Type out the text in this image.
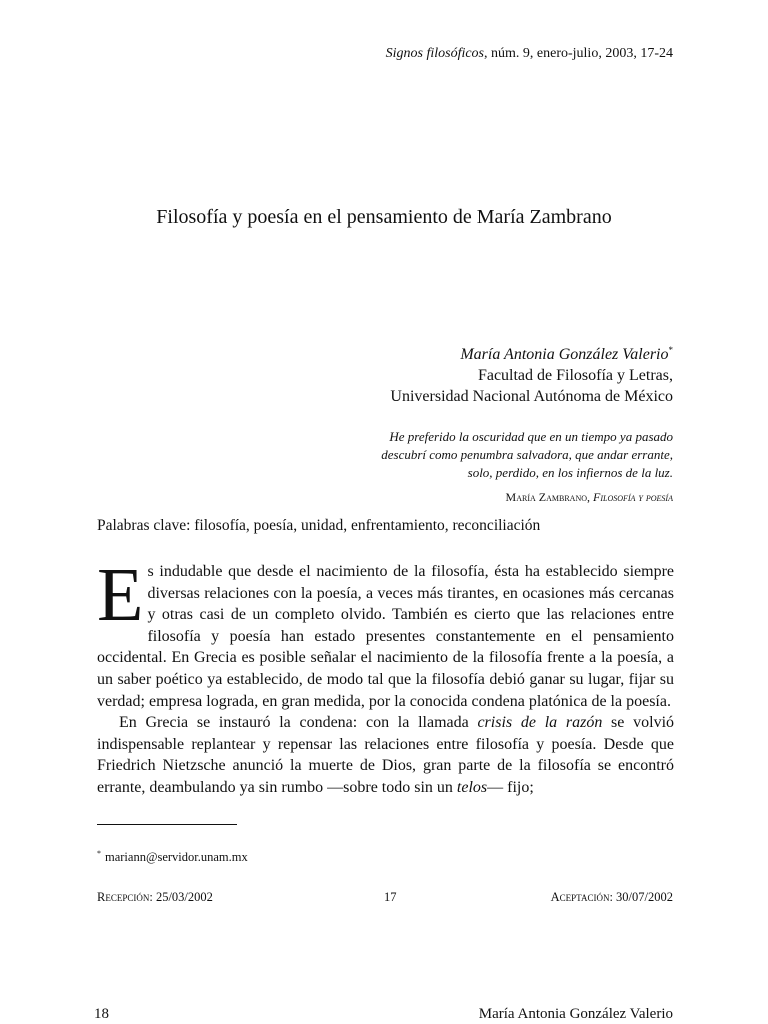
Signos filosóficos, núm. 9, enero-julio, 2003, 17-24
Filosofía y poesía en el pensamiento de María Zambrano
María Antonia González Valerio*
Facultad de Filosofía y Letras,
Universidad Nacional Autónoma de México
He preferido la oscuridad que en un tiempo ya pasado
descubrí como penumbra salvadora, que andar errante,
solo, perdido, en los infiernos de la luz.
María Zambrano, Filosofía y poesía
Palabras clave: filosofía, poesía, unidad, enfrentamiento, reconciliación

Es indudable que desde el nacimiento de la filosofía, ésta ha establecido siempre diversas relaciones con la poesía, a veces más tirantes, en ocasiones más cercanas y otras casi de un completo olvido. También es cierto que las relaciones entre filosofía y poesía han estado presentes constantemente en el pensamiento occidental. En Grecia es posible señalar el nacimiento de la filosofía frente a la poesía, a un saber poético ya establecido, de modo tal que la filosofía debió ganar su lugar, fijar su verdad; empresa lograda, en gran medida, por la conocida condena platónica de la poesía.

En Grecia se instauró la condena: con la llamada crisis de la razón se volvió indispensable replantear y repensar las relaciones entre filosofía y poesía. Desde que Friedrich Nietzsche anunció la muerte de Dios, gran parte de la filosofía se encontró errante, deambulando ya sin rumbo —sobre todo sin un telos— fijo;

* mariann@servidor.unam.mx
Recepción: 25/03/2002	17	Aceptación: 30/07/2002
18	María Antonia González Valerio
